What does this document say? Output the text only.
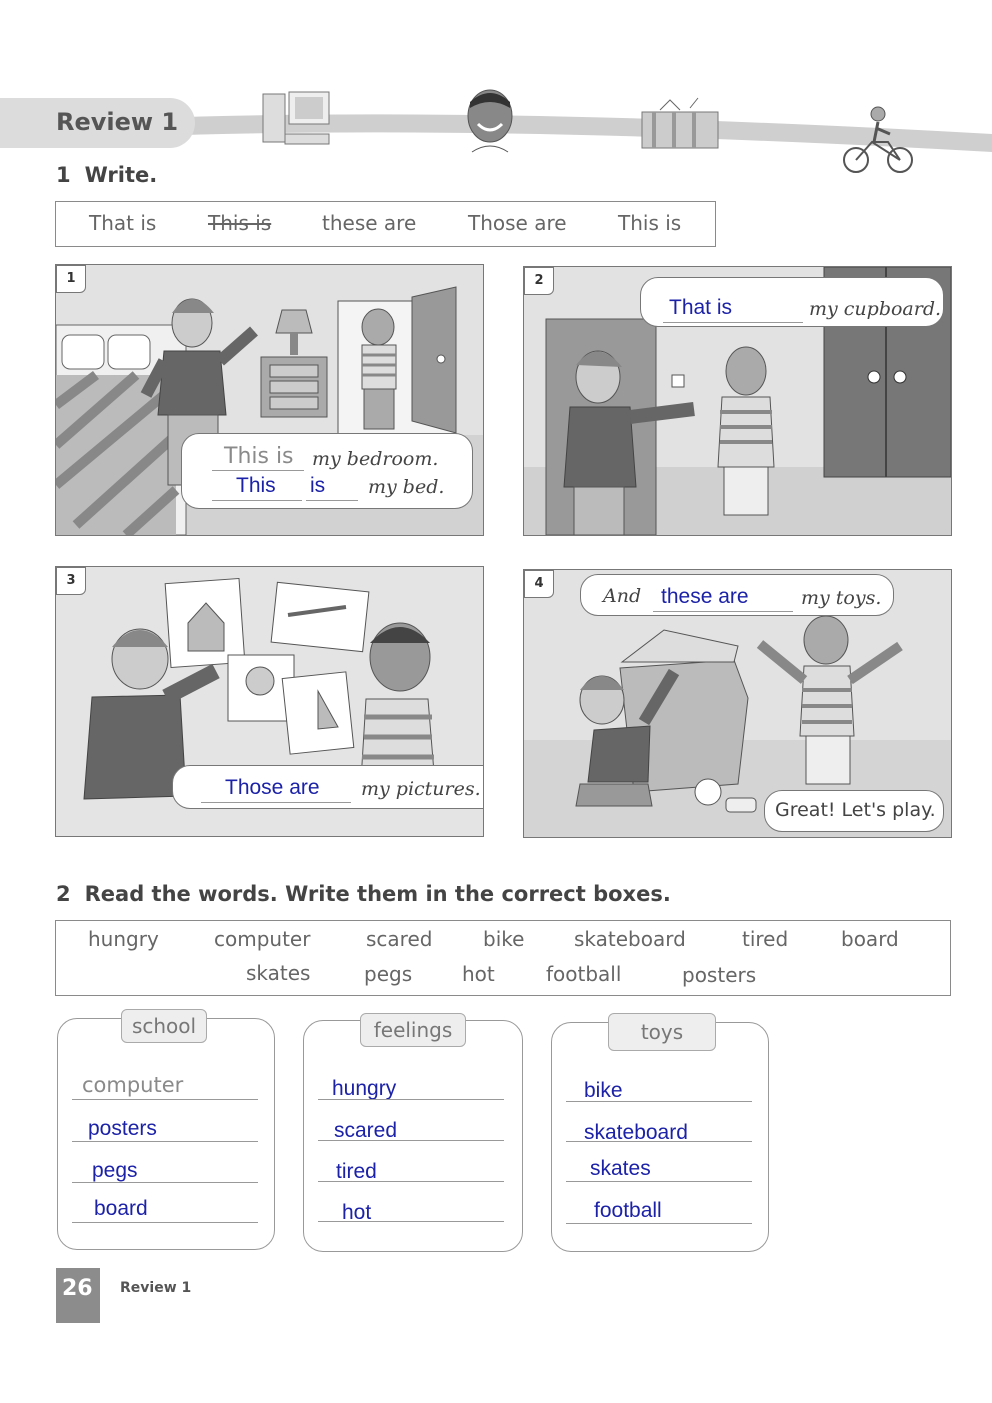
Review 1
1 Write.
That is	This is	these are	Those are	This is
1
This is my bedroom.
This is my bed.
2
That is	my cupboard.
3
Those are my pictures.
4
And these are	my toys.
Great! Let's play.
2 Read the words. Write them in the correct boxes.
hungry	computer	scared	bike skateboard	tired	board
skates	pegs hot	football	posters
school
computer
posters
pegs
board
feelings
hungry
scared
tired
hot
toys
bike
skateboard
skates
football
26 Review 1
